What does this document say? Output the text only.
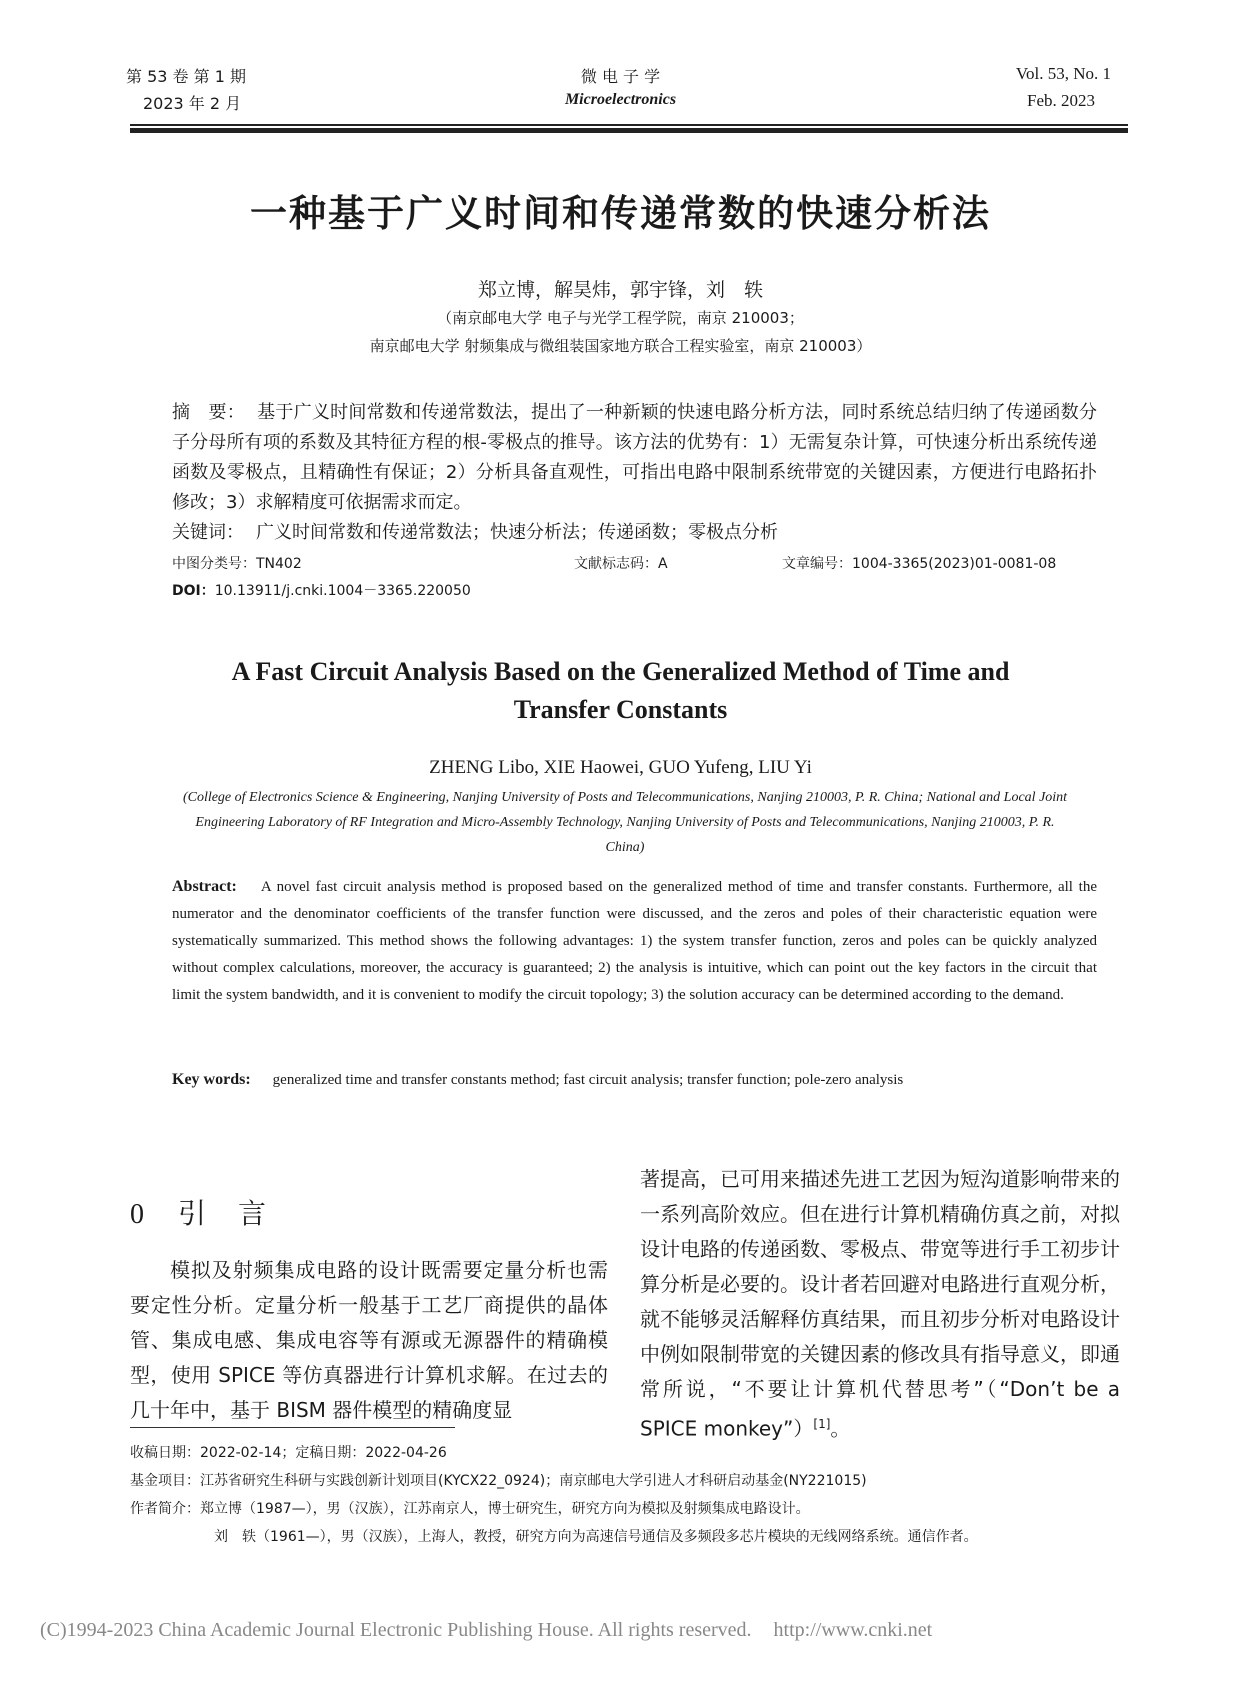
第 53 卷 第 1 期
2023 年 2 月
微 电 子 学
Microelectronics
Vol. 53, No. 1
Feb. 2023
一种基于广义时间和传递常数的快速分析法
郑立博，解昊炜，郭宇锋，刘　轶
（南京邮电大学 电子与光学工程学院，南京 210003；
南京邮电大学 射频集成与微组装国家地方联合工程实验室，南京 210003）
摘　要： 基于广义时间常数和传递常数法，提出了一种新颖的快速电路分析方法，同时系统总结归纳了传递函数分子分母所有项的系数及其特征方程的根-零极点的推导。该方法的优势有：1）无需复杂计算，可快速分析出系统传递函数及零极点，且精确性有保证；2）分析具备直观性，可指出电路中限制系统带宽的关键因素，方便进行电路拓扑修改；3）求解精度可依据需求而定。
关键词： 广义时间常数和传递常数法；快速分析法；传递函数；零极点分析
中图分类号：TN402	文献标志码：A	文章编号：1004-3365(2023)01-0081-08
DOI：10.13911/j.cnki.1004－3365.220050
A Fast Circuit Analysis Based on the Generalized Method of Time and
Transfer Constants
ZHENG Libo, XIE Haowei, GUO Yufeng, LIU Yi
(College of Electronics Science & Engineering, Nanjing University of Posts and Telecommunications, Nanjing 210003, P. R. China; National and Local Joint Engineering Laboratory of RF Integration and Micro-Assembly Technology, Nanjing University of Posts and Telecommunications, Nanjing 210003, P. R. China)
Abstract: A novel fast circuit analysis method is proposed based on the generalized method of time and transfer constants. Furthermore, all the numerator and the denominator coefficients of the transfer function were discussed, and the zeros and poles of their characteristic equation were systematically summarized. This method shows the following advantages: 1) the system transfer function, zeros and poles can be quickly analyzed without complex calculations, moreover, the accuracy is guaranteed; 2) the analysis is intuitive, which can point out the key factors in the circuit that limit the system bandwidth, and it is convenient to modify the circuit topology; 3) the solution accuracy can be determined according to the demand.
Key words: generalized time and transfer constants method; fast circuit analysis; transfer function; pole-zero analysis
0 引言
模拟及射频集成电路的设计既需要定量分析也需要定性分析。定量分析一般基于工艺厂商提供的晶体管、集成电感、集成电容等有源或无源器件的精确模型，使用 SPICE 等仿真器进行计算机求解。在过去的几十年中，基于 BISM 器件模型的精确度显
著提高，已可用来描述先进工艺因为短沟道影响带来的一系列高阶效应。但在进行计算机精确仿真之前，对拟设计电路的传递函数、零极点、带宽等进行手工初步计算分析是必要的。设计者若回避对电路进行直观分析，就不能够灵活解释仿真结果，而且初步分析对电路设计中例如限制带宽的关键因素的修改具有指导意义，即通常所说，“不要让计算机代替思考”（“Don’t be a SPICE monkey”）[1]。
收稿日期：2022-02-14；定稿日期：2022-04-26
基金项目：江苏省研究生科研与实践创新计划项目(KYCX22_0924)；南京邮电大学引进人才科研启动基金(NY221015)
作者简介：郑立博（1987—），男（汉族），江苏南京人，博士研究生，研究方向为模拟及射频集成电路设计。
刘　轶（1961—），男（汉族），上海人，教授，研究方向为高速信号通信及多频段多芯片模块的无线网络系统。通信作者。
(C)1994-2023 China Academic Journal Electronic Publishing House. All rights reserved. http://www.cnki.net
